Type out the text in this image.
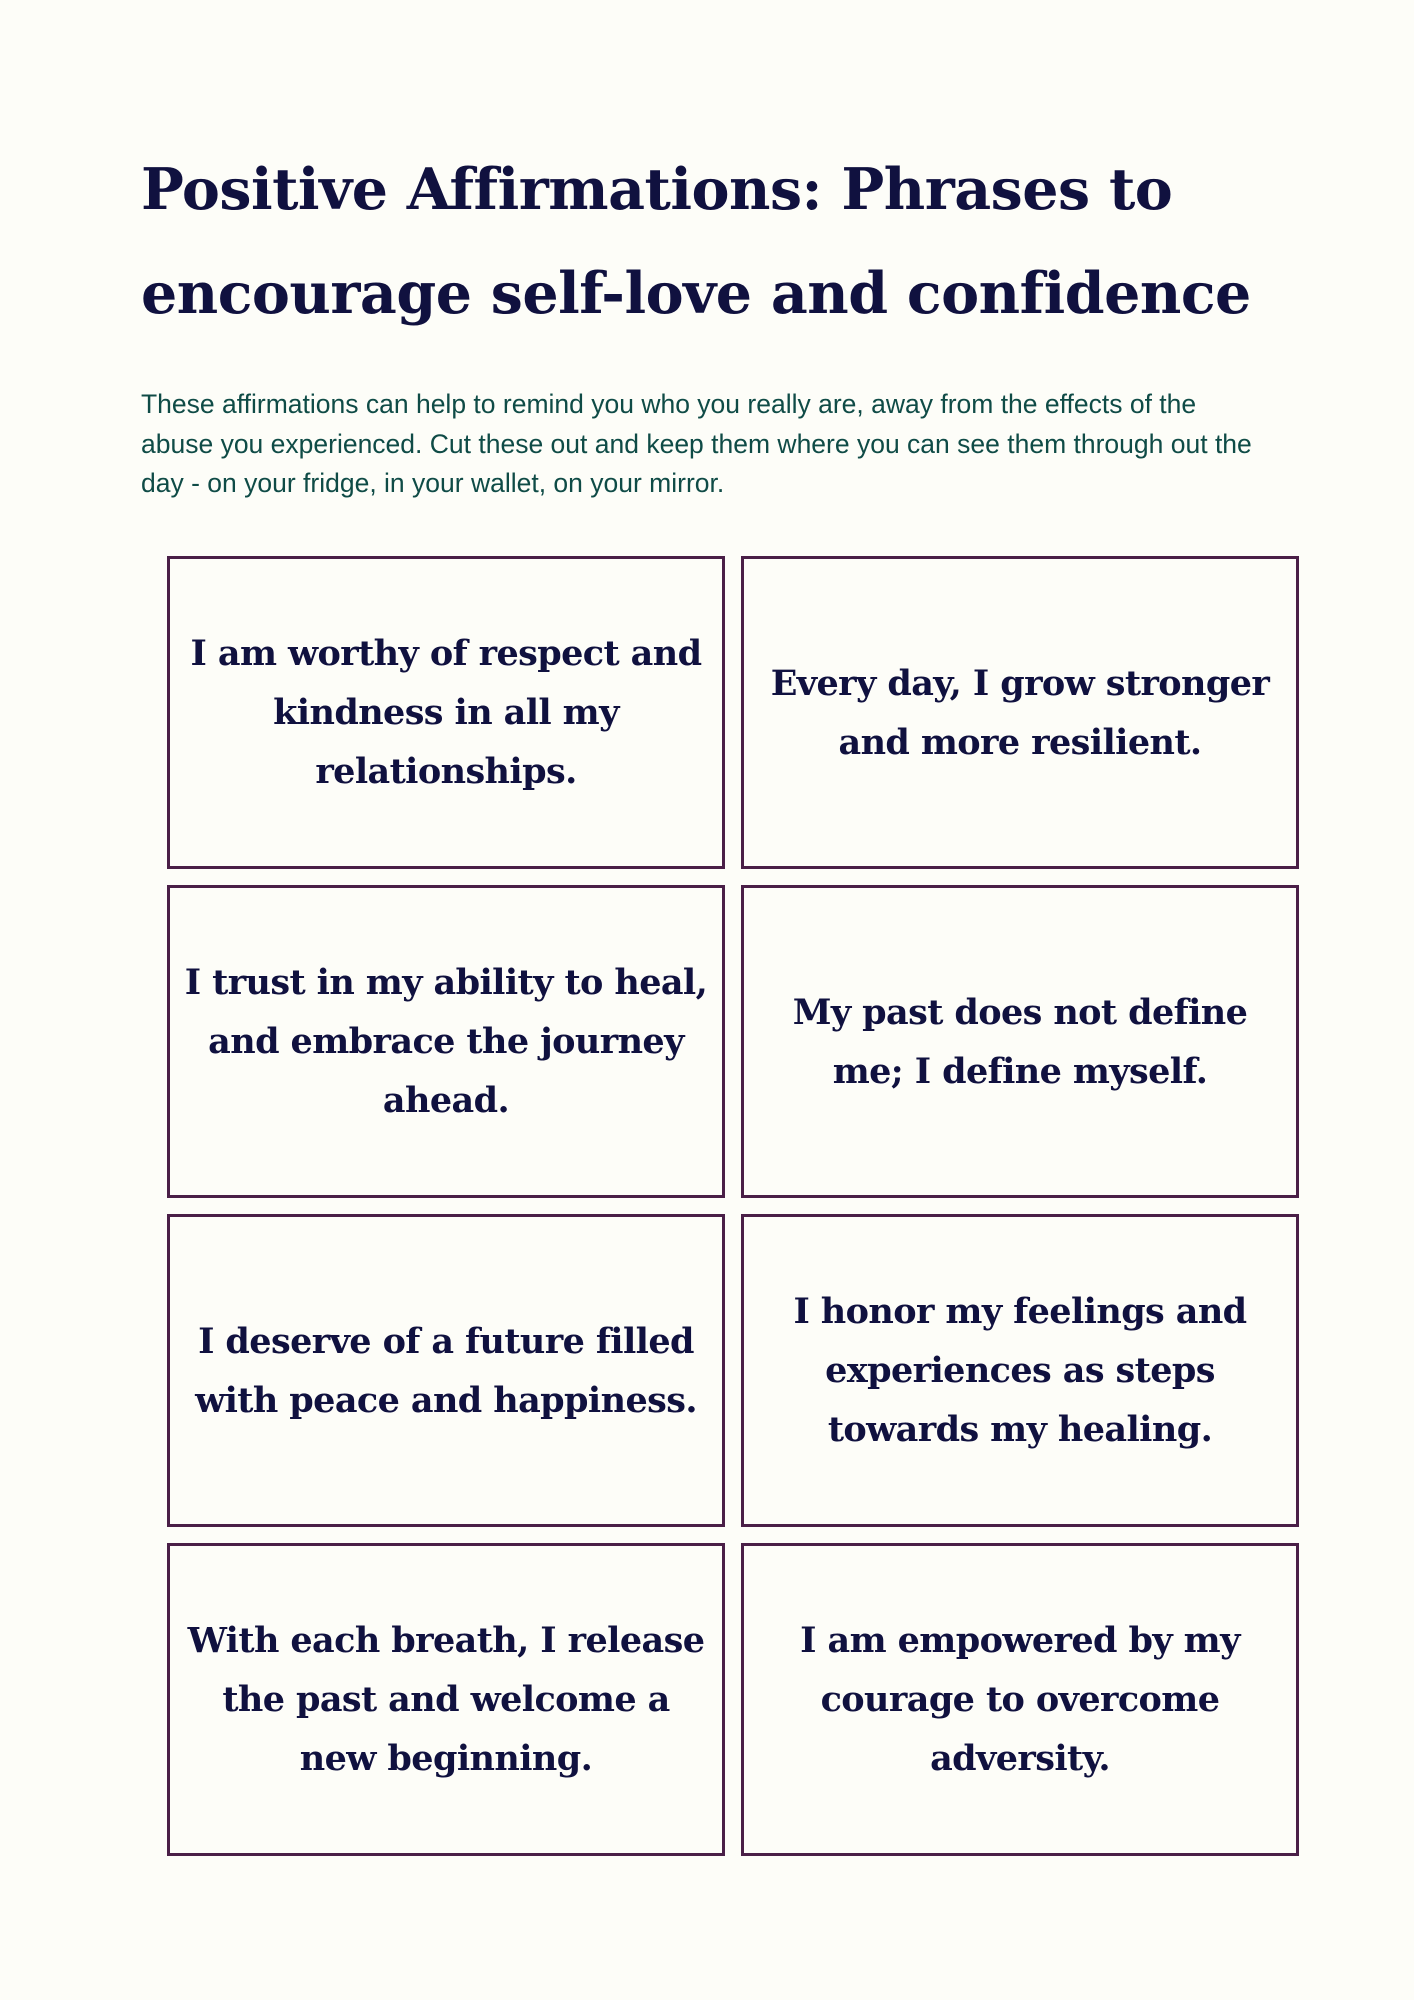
Positive Affirmations: Phrases to encourage self-love and confidence

These affirmations can help to remind you who you really are, away from the effects of the abuse you experienced. Cut these out and keep them where you can see them through out the day - on your fridge, in your wallet, on your mirror.

I am worthy of respect and kindness in all my relationships.
Every day, I grow stronger and more resilient.
I trust in my ability to heal, and embrace the journey ahead.
My past does not define me; I define myself.
I deserve of a future filled with peace and happiness.
I honor my feelings and experiences as steps towards my healing.
With each breath, I release the past and welcome a new beginning.
I am empowered by my courage to overcome adversity.
